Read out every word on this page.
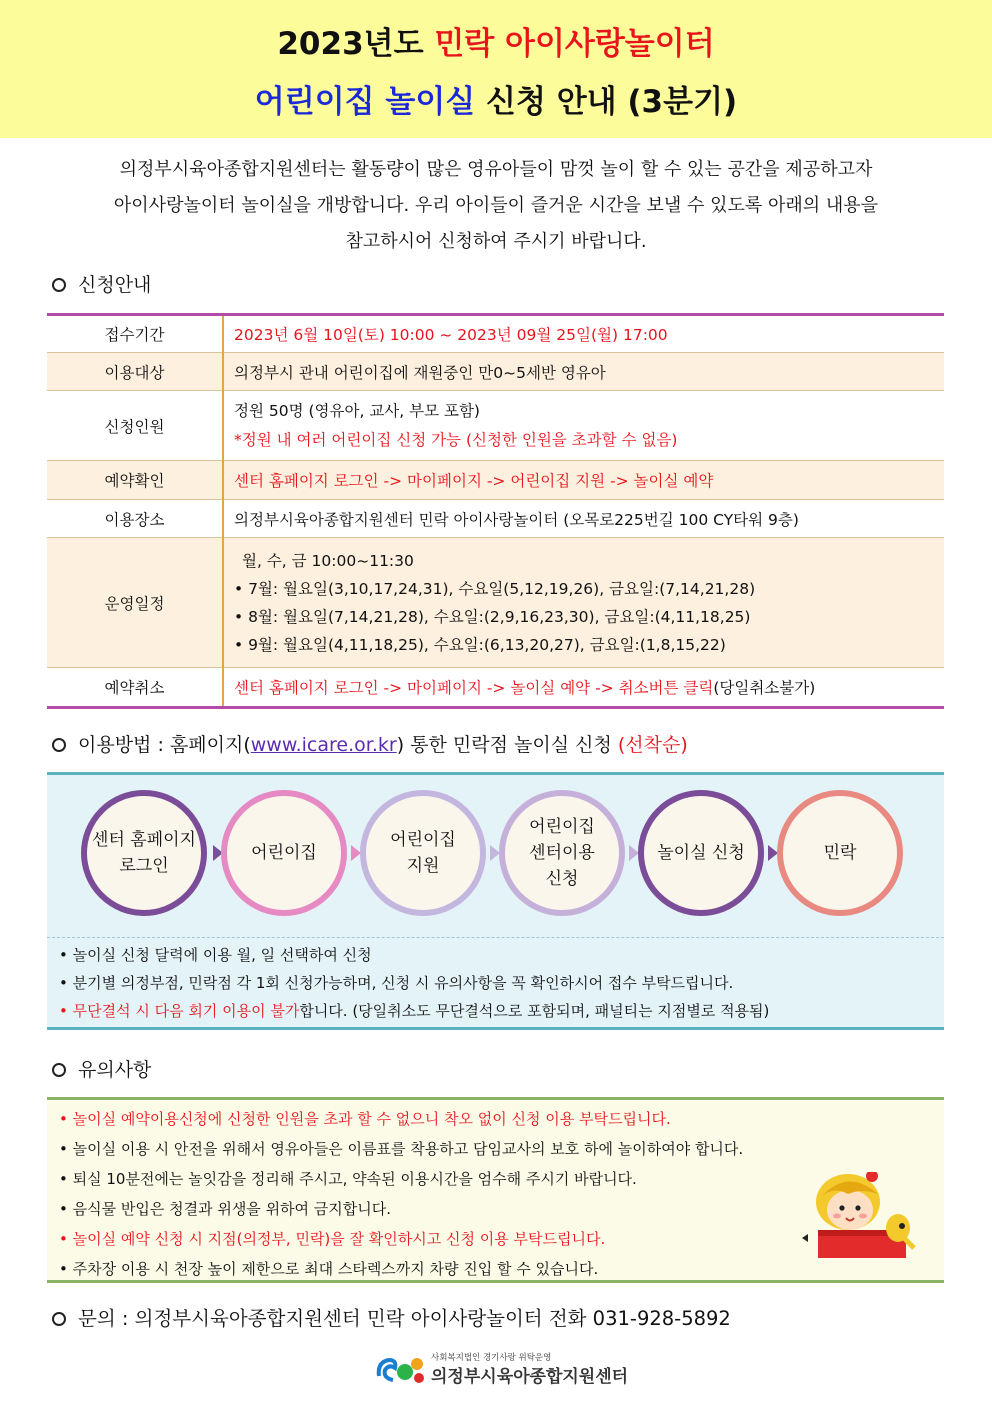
2023년도 민락 아이사랑놀이터
어린이집 놀이실 신청 안내 (3분기)
의정부시육아종합지원센터는 활동량이 많은 영유아들이 맘껏 놀이 할 수 있는 공간을 제공하고자
아이사랑놀이터 놀이실을 개방합니다. 우리 아이들이 즐거운 시간을 보낼 수 있도록 아래의 내용을
참고하시어 신청하여 주시기 바랍니다.
신청안내
접수기간	2023년 6월 10일(토) 10:00 ~ 2023년 09월 25일(월) 17:00
이용대상	의정부시 관내 어린이집에 재원중인 만0~5세반 영유아
신청인원	정원 50명 (영유아, 교사, 부모 포함)
*정원 내 여러 어린이집 신청 가능 (신청한 인원을 초과할 수 없음)

예약확인	센터 홈페이지 로그인 -> 마이페이지 -> 어린이집 지원 -> 놀이실 예약
이용장소	의정부시육아종합지원센터 민락 아이사랑놀이터 (오목로225번길 100 CY타워 9층)
운영일정	월, 수, 금 10:00~11:30
• 7월: 월요일(3,10,17,24,31), 수요일(5,12,19,26), 금요일:(7,14,21,28)
• 8월: 월요일(7,14,21,28), 수요일:(2,9,16,23,30), 금요일:(4,11,18,25)
• 9월: 월요일(4,11,18,25), 수요일:(6,13,20,27), 금요일:(1,8,15,22)

예약취소	센터 홈페이지 로그인 -> 마이페이지 -> 놀이실 예약 -> 취소버튼 클릭(당일취소불가)
이용방법 : 홈페이지(www.icare.or.kr) 통한 민락점 놀이실 신청 (선착순)
센터 홈페이지
로그인
어린이집
어린이집
지원
어린이집
센터이용
신청
놀이실 신청	민락
• 놀이실 신청 달력에 이용 월, 일 선택하여 신청
• 분기별 의정부점, 민락점 각 1회 신청가능하며, 신청 시 유의사항을 꼭 확인하시어 접수 부탁드립니다.
• 무단결석 시 다음 회기 이용이 불가합니다. (당일취소도 무단결석으로 포함되며, 패널티는 지점별로 적용됨)
유의사항
• 놀이실 예약이용신청에 신청한 인원을 초과 할 수 없으니 착오 없이 신청 이용 부탁드립니다.
• 놀이실 이용 시 안전을 위해서 영유아들은 이름표를 착용하고 담임교사의 보호 하에 놀이하여야 합니다.
• 퇴실 10분전에는 놀잇감을 정리해 주시고, 약속된 이용시간을 엄수해 주시기 바랍니다.
• 음식물 반입은 청결과 위생을 위하여 금지합니다.
• 놀이실 예약 신청 시 지점(의정부, 민락)을 잘 확인하시고 신청 이용 부탁드립니다.
• 주차장 이용 시 천장 높이 제한으로 최대 스타렉스까지 차량 진입 할 수 있습니다.
문의 : 의정부시육아종합지원센터 민락 아이사랑놀이터 전화 031-928-5892
사회복지법인 경기사랑 위탁운영
의정부시육아종합지원센터
